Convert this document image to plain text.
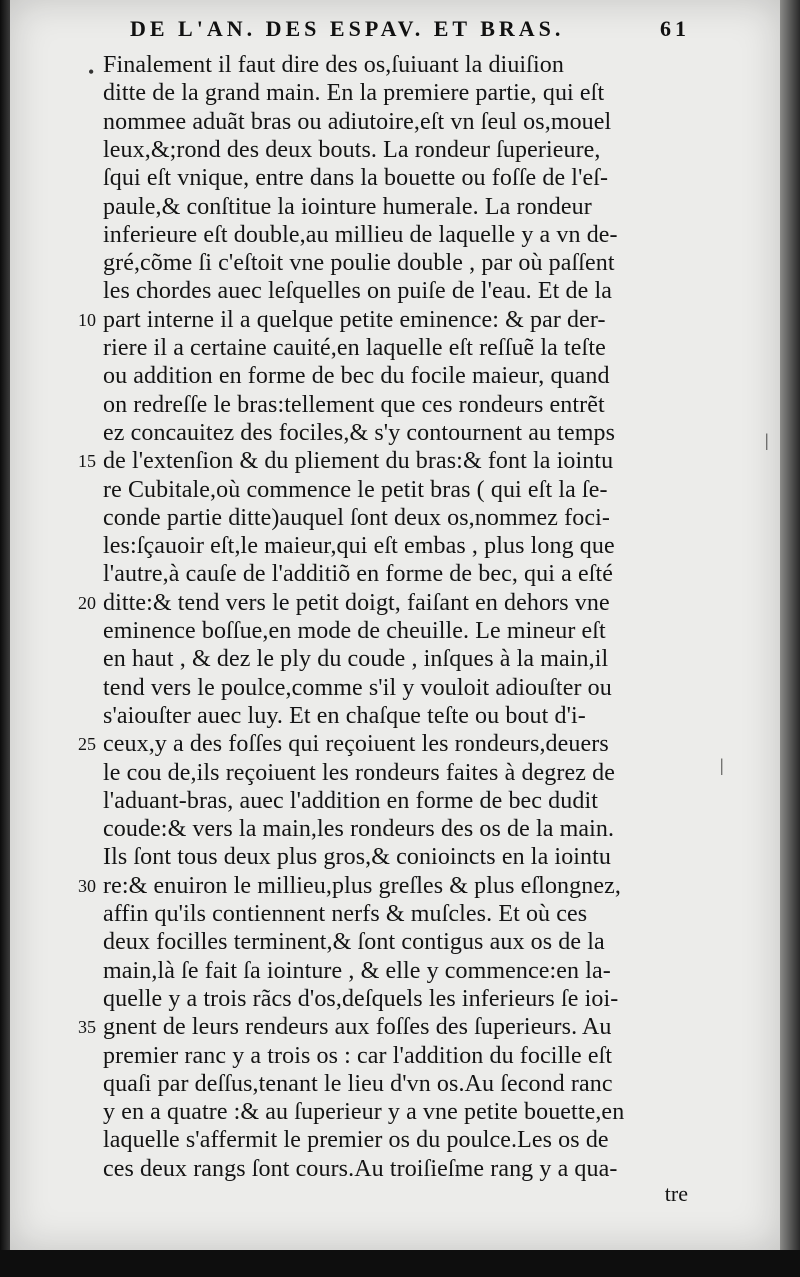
DE L'AN. DES ESPAV. ET BRAS.	61
Finalement il faut dire des os,ſuiuant la diuiſion
ditte de la grand main. En la premiere partie, qui eſt
nommee aduãt bras ou adiutoire,eſt vn ſeul os,mouel
leux,&;rond des deux bouts. La rondeur ſuperieure,
ſqui eſt vnique, entre dans la bouette ou foſſe de l'eſ-
paule,& conſtitue la iointure humerale. La rondeur
inferieure eſt double,au millieu de laquelle y a vn de-
gré,cõme ſi c'eſtoit vne poulie double , par où paſſent
les chordes auec leſquelles on puiſe de l'eau. Et de la
part interne il a quelque petite eminence: & par der-
riere il a certaine cauité,en laquelle eſt reſſuẽ la teſte
ou addition en forme de bec du focile maieur, quand
on redreſſe le bras:tellement que ces rondeurs entrẽt
ez concauitez des fociles,& s'y contournent au temps
de l'extenſion & du pliement du bras:& font la iointu
re Cubitale,où commence le petit bras ( qui eſt la ſe-
conde partie ditte)auquel ſont deux os,nommez foci-
les:ſçauoir eſt,le maieur,qui eſt embas , plus long que
l'autre,à cauſe de l'additiõ en forme de bec, qui a eſté
ditte:& tend vers le petit doigt, faiſant en dehors vne
eminence boſſue,en mode de cheuille. Le mineur eſt
en haut , & dez le ply du coude , inſques à la main,il
tend vers le poulce,comme s'il y vouloit adiouſter ou
s'aiouſter auec luy. Et en chaſque teſte ou bout d'i-
ceux,y a des foſſes qui reçoiuent les rondeurs,deuers
le cou de,ils reçoiuent les rondeurs faites à degrez de
l'aduant-bras, auec l'addition en forme de bec dudit
coude:& vers la main,les rondeurs des os de la main.
Ils ſont tous deux plus gros,& conioincts en la iointu
re:& enuiron le millieu,plus greſles & plus eſlongnez,
affin qu'ils contiennent nerfs & muſcles. Et où ces
deux focilles terminent,& ſont contigus aux os de la
main,là ſe fait ſa iointure , & elle y commence:en la-
quelle y a trois rãcs d'os,deſquels les inferieurs ſe ioi-
gnent de leurs rendeurs aux foſſes des ſuperieurs. Au
premier ranc y a trois os : car l'addition du focille eſt
quaſi par deſſus,tenant le lieu d'vn os.Au ſecond ranc
y en a quatre :& au ſuperieur y a vne petite bouette,en
laquelle s'affermit le premier os du poulce.Les os de
ces deux rangs ſont cours.Au troiſieſme rang y a qua-
10
15
20
25
30
35
tre
•
|
|
